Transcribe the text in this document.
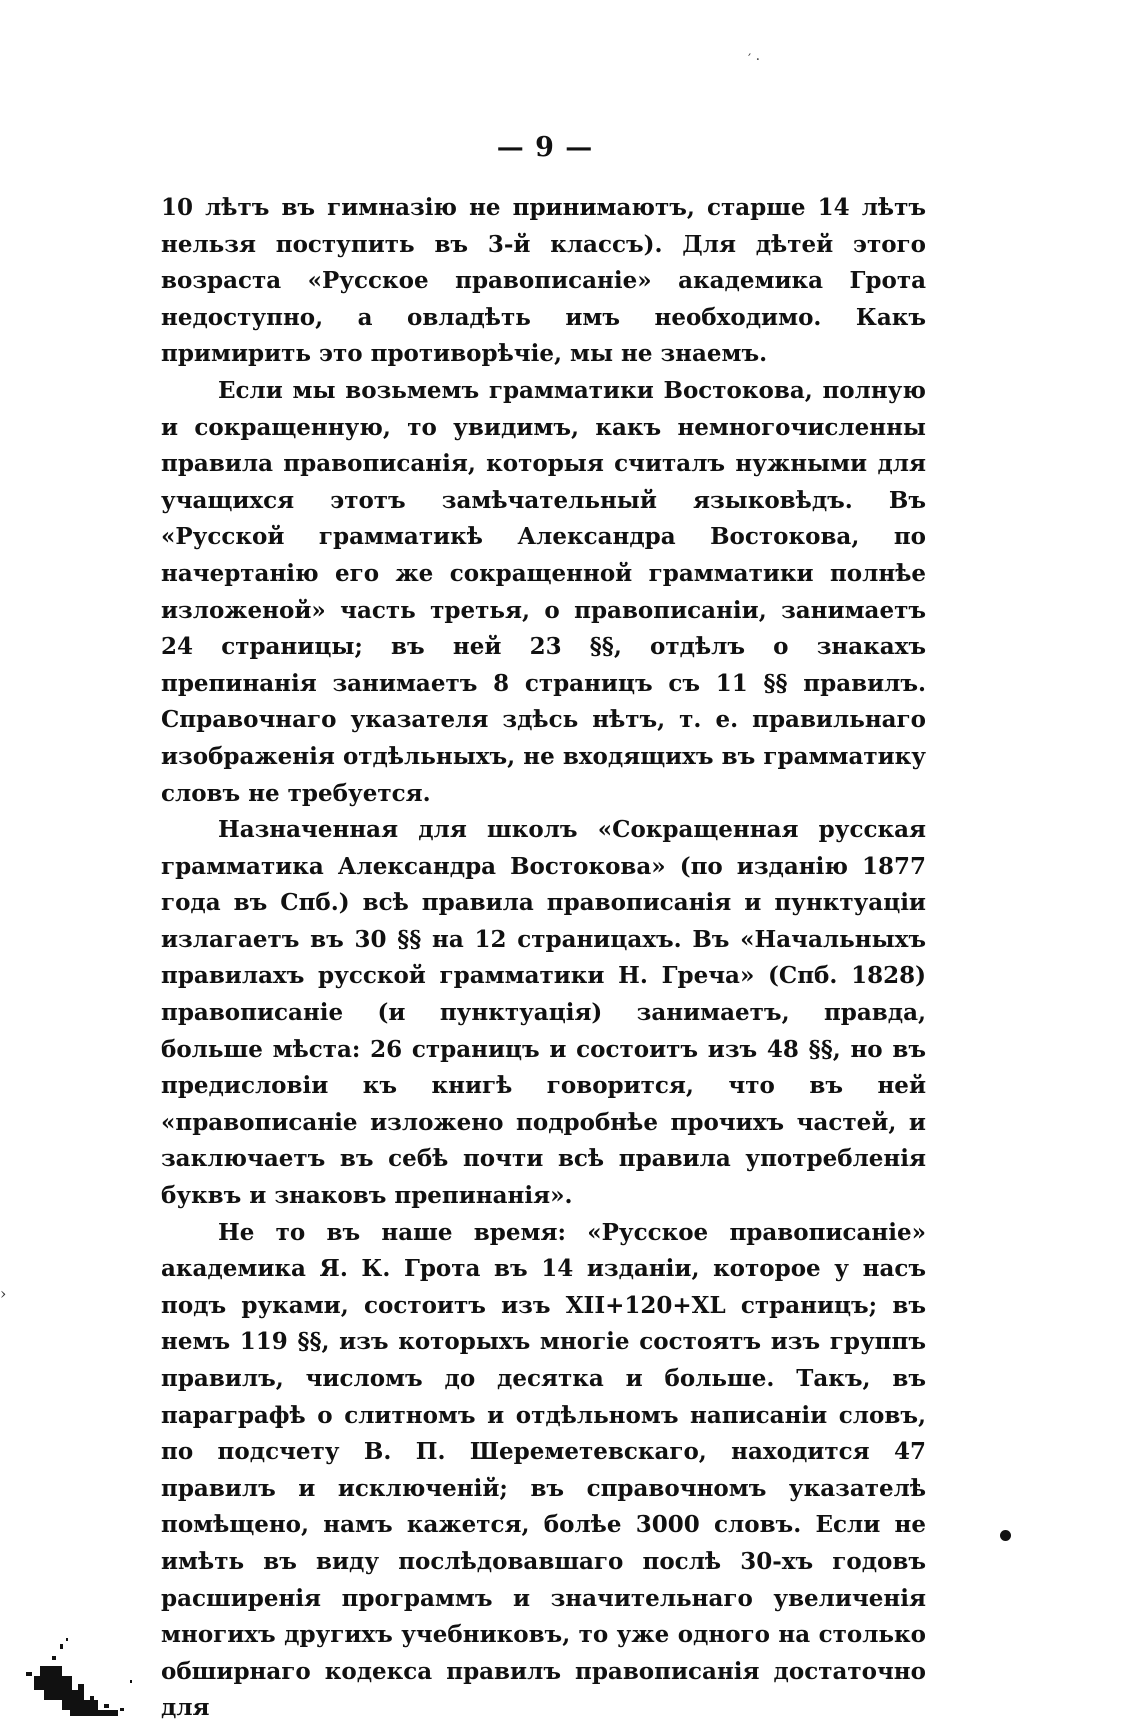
′ ·
— 9 —

10 лѣтъ въ гимназію не принимаютъ, старше 14 лѣтъ нельзя поступить въ 3-й классъ). Для дѣтей этого возраста «Русское правописаніе» академика Грота недоступно, а овладѣть имъ необходимо. Какъ примирить это противорѣчіе, мы не знаемъ.

Если мы возьмемъ грамматики Востокова, полную и сокращенную, то увидимъ, какъ немногочисленны правила правописанія, которыя считалъ нужными для учащихся этотъ замѣчательный языковѣдъ. Въ «Русской грамматикѣ Александра Востокова, по начертанію его же сокращенной грамматики полнѣе изложеной» часть третья, о правописаніи, занимаетъ 24 страницы; въ ней 23 §§, отдѣлъ о знакахъ препинанія занимаетъ 8 страницъ съ 11 §§ правилъ. Справочнаго указателя здѣсь нѣтъ, т. е. правильнаго изображенія отдѣльныхъ, не входящихъ въ грамматику словъ не требуется.

Назначенная для школъ «Сокращенная русская грамматика Александра Востокова» (по изданію 1877 года въ Спб.) всѣ правила правописанія и пунктуаціи излагаетъ въ 30 §§ на 12 страницахъ. Въ «Начальныхъ правилахъ русской грамматики Н. Греча» (Спб. 1828) правописаніе (и пунктуація) занимаетъ, правда, больше мѣста: 26 страницъ и состоитъ изъ 48 §§, но въ предисловіи къ книгѣ говорится, что въ ней «правописаніе изложено подробнѣе прочихъ частей, и заключаетъ въ себѣ почти всѣ правила употребленія буквъ и знаковъ препинанія».

Не то въ наше время: «Русское правописаніе» академика Я. К. Грота въ 14 изданіи, которое у насъ подъ руками, состоитъ изъ XII+120+XL страницъ; въ немъ 119 §§, изъ которыхъ многіе состоятъ изъ группъ правилъ, числомъ до десятка и больше. Такъ, въ параграфѣ о слитномъ и отдѣльномъ написаніи словъ, по подсчету В. П. Шереметевскаго, находится 47 правилъ и исключеній; въ справочномъ указателѣ помѣщено, намъ кажется, болѣе 3000 словъ. Если не имѣть въ виду послѣдовавшаго послѣ 30-хъ годовъ расширенія программъ и значительнаго увеличенія многихъ другихъ учебниковъ, то уже одного на столько обширнаго кодекса правилъ правописанія достаточно для

›
